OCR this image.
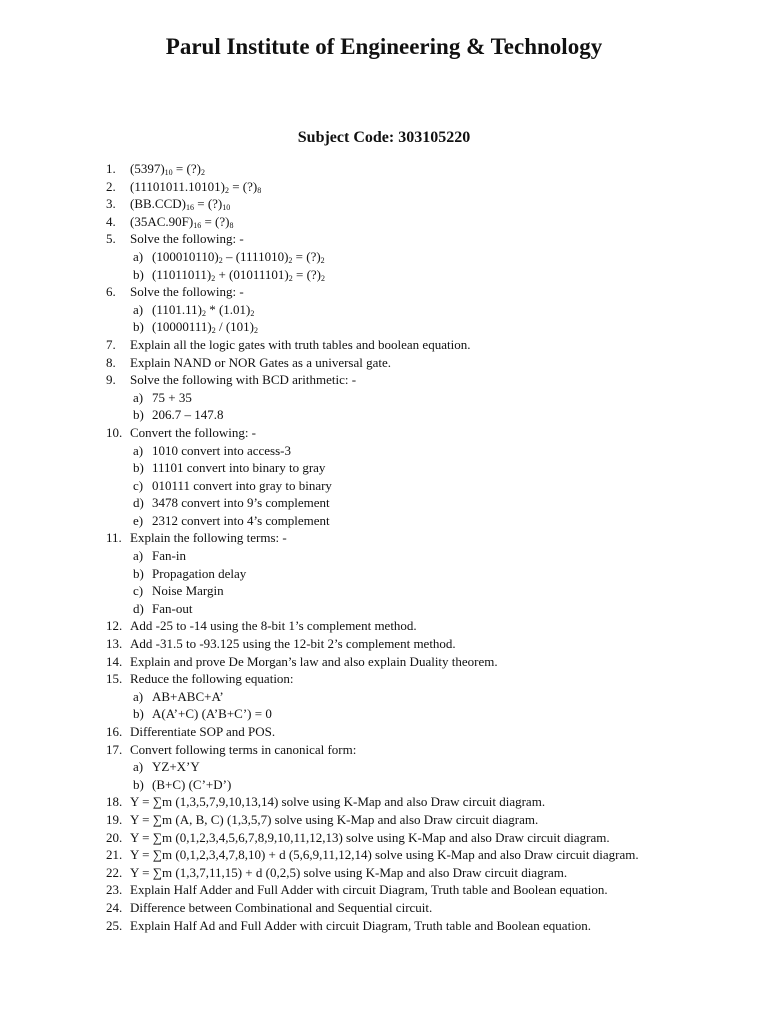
Parul Institute of Engineering & Technology
Subject Code: 303105220
1.	$(5397)_{10}$ = $(?)_2$
2.	$(11101011.10101)_2$ = $(?)_8$
3.	$(BB.CCD)_{16}$ = $(?)_{10}$
4.	$(35AC.90F)_{16}$ = $(?)_8$
5.	Solve the following: -
a) $(100010110)_2 - (1111010)_2$ = $(?)_2$
b) $(11011011)_2 + (01011101)_2$ = $(?)_2$
6.	Solve the following: -
a) $(1101.11)_2 * (1.01)_2$
b) $(10000111)_2 / (101)_2$
7.	Explain all the logic gates with truth tables and boolean equation.
8.	Explain NAND or NOR Gates as a universal gate.
9.	Solve the following with BCD arithmetic: -
a) 75 + 35
b) 206.7 – 147.8
10. Convert the following: -
a) 1010 convert into access-3
b) 11101 convert into binary to gray
c) 010111 convert into gray to binary
d) 3478 convert into 9’s complement
e) 2312 convert into 4’s complement
11. Explain the following terms: -
a) Fan-in
b) Propagation delay
c) Noise Margin
d) Fan-out
12. Add -25 to -14 using the 8-bit 1’s complement method.
13. Add -31.5 to -93.125 using the 12-bit 2’s complement method.
14. Explain and prove De Morgan’s law and also explain Duality theorem.
15. Reduce the following equation:
a) AB+ABC+A’
b) A(A’+C) (A’B+C’) = 0
16. Differentiate SOP and POS.
17. Convert following terms in canonical form:
a) YZ+X’Y
b) (B+C) (C’+D’)
18. Y = ∑m (1,3,5,7,9,10,13,14) solve using K-Map and also Draw circuit diagram.
19. Y = ∑m (A, B, C) (1,3,5,7) solve using K-Map and also Draw circuit diagram.
20. Y = ∑m (0,1,2,3,4,5,6,7,8,9,10,11,12,13) solve using K-Map and also Draw circuit diagram.
21. Y = ∑m (0,1,2,3,4,7,8,10) + d (5,6,9,11,12,14) solve using K-Map and also Draw circuit diagram.
22. Y = ∑m (1,3,7,11,15) + d (0,2,5) solve using K-Map and also Draw circuit diagram.
23. Explain Half Adder and Full Adder with circuit Diagram, Truth table and Boolean equation.
24. Difference between Combinational and Sequential circuit.
25. Explain Half Ad and Full Adder with circuit Diagram, Truth table and Boolean equation.
